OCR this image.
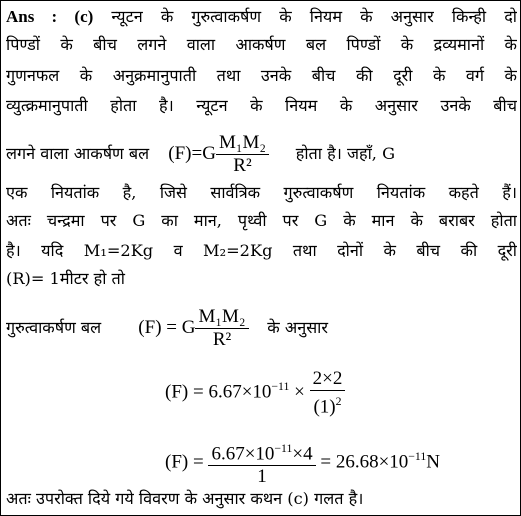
Ans : (c) न्यूटन के गुरुत्वाकर्षण के नियम के अनुसार किन्ही दो
पिण्डों के बीच लगने वाला आकर्षण बल पिण्डों के द्रव्यमानों के
गुणनफल के अनुक्रमानुपाती तथा उनके बीच की दूरी के वर्ग के
व्युत्क्रमानुपाती होता है। न्यूटन के नियम के अनुसार उनके बीच
लगने वाला आकर्षण बल $(F)=G \frac{\text{M₁M₂}}{\text{R²}}$ होता है। जहाँ, G
एक नियतांक है, जिसे सार्वत्रिक गुरुत्वाकर्षण नियतांक कहते हैं।
अतः चन्द्रमा पर G का मान, पृथ्वी पर G के मान के बराबर होता
है। यदि M₁=2Kg व M₂=2Kg तथा दोनों के बीच की दूरी
(R)= 1मीटर हो तो
गुरुत्वाकर्षण बल (F) = G $\frac{\text{M₁M₂}}{\text{R²}}$ के अनुसार
$(F) = 6.67\times 10^{-11} \times \frac{2\times 2}{(1)^2}$
$(F) = \frac{6.67\times 10^{-11}\times 4}{1} = 26.68\times 10^{-11}N$
अतः उपरोक्त दिये गये विवरण के अनुसार कथन (c) गलत है।
